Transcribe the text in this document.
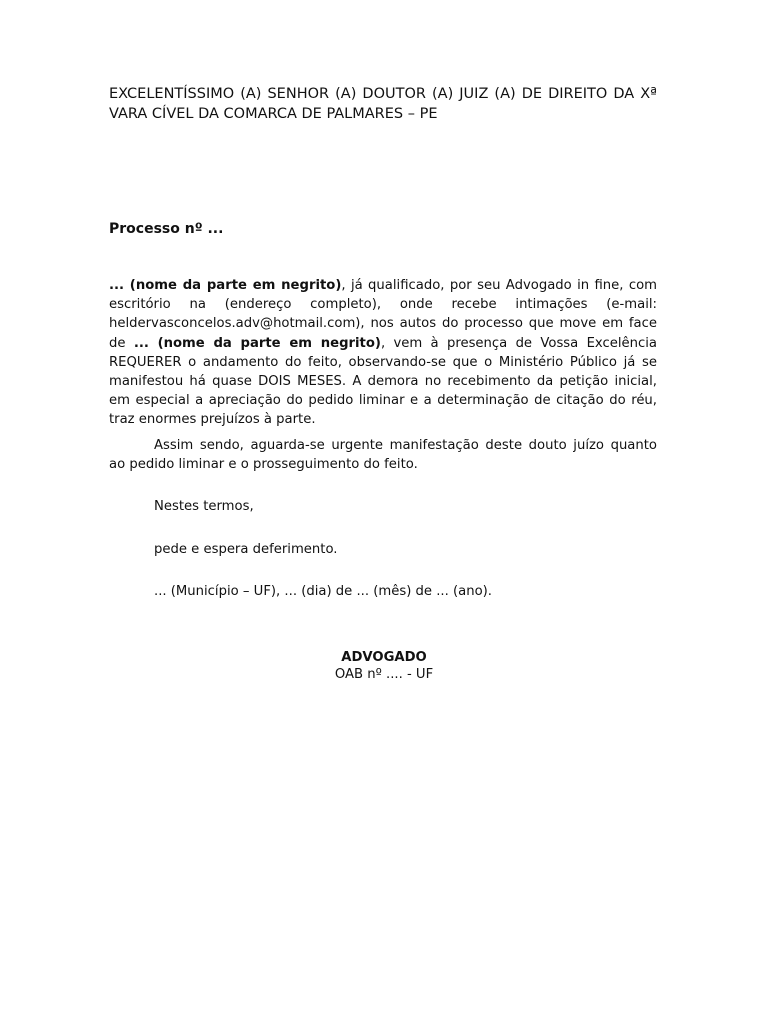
EXCELENTÍSSIMO (A) SENHOR (A) DOUTOR (A) JUIZ (A) DE DIREITO DA Xª VARA CÍVEL DA COMARCA DE PALMARES – PE
Processo nº ...

... (nome da parte em negrito), já qualificado, por seu Advogado in fine, com escritório na (endereço completo), onde recebe intimações (e-mail: heldervasconcelos.adv@hotmail.com), nos autos do processo que move em face de ... (nome da parte em negrito), vem à presença de Vossa Excelência REQUERER o andamento do feito, observando-se que o Ministério Público já se manifestou há quase DOIS MESES. A demora no recebimento da petição inicial, em especial a apreciação do pedido liminar e a determinação de citação do réu, traz enormes prejuízos à parte.

Assim sendo, aguarda-se urgente manifestação deste douto juízo quanto ao pedido liminar e o prosseguimento do feito.

Nestes termos,
pede e espera deferimento.
... (Município – UF), ... (dia) de ... (mês) de ... (ano).
ADVOGADO
OAB nº .... - UF
